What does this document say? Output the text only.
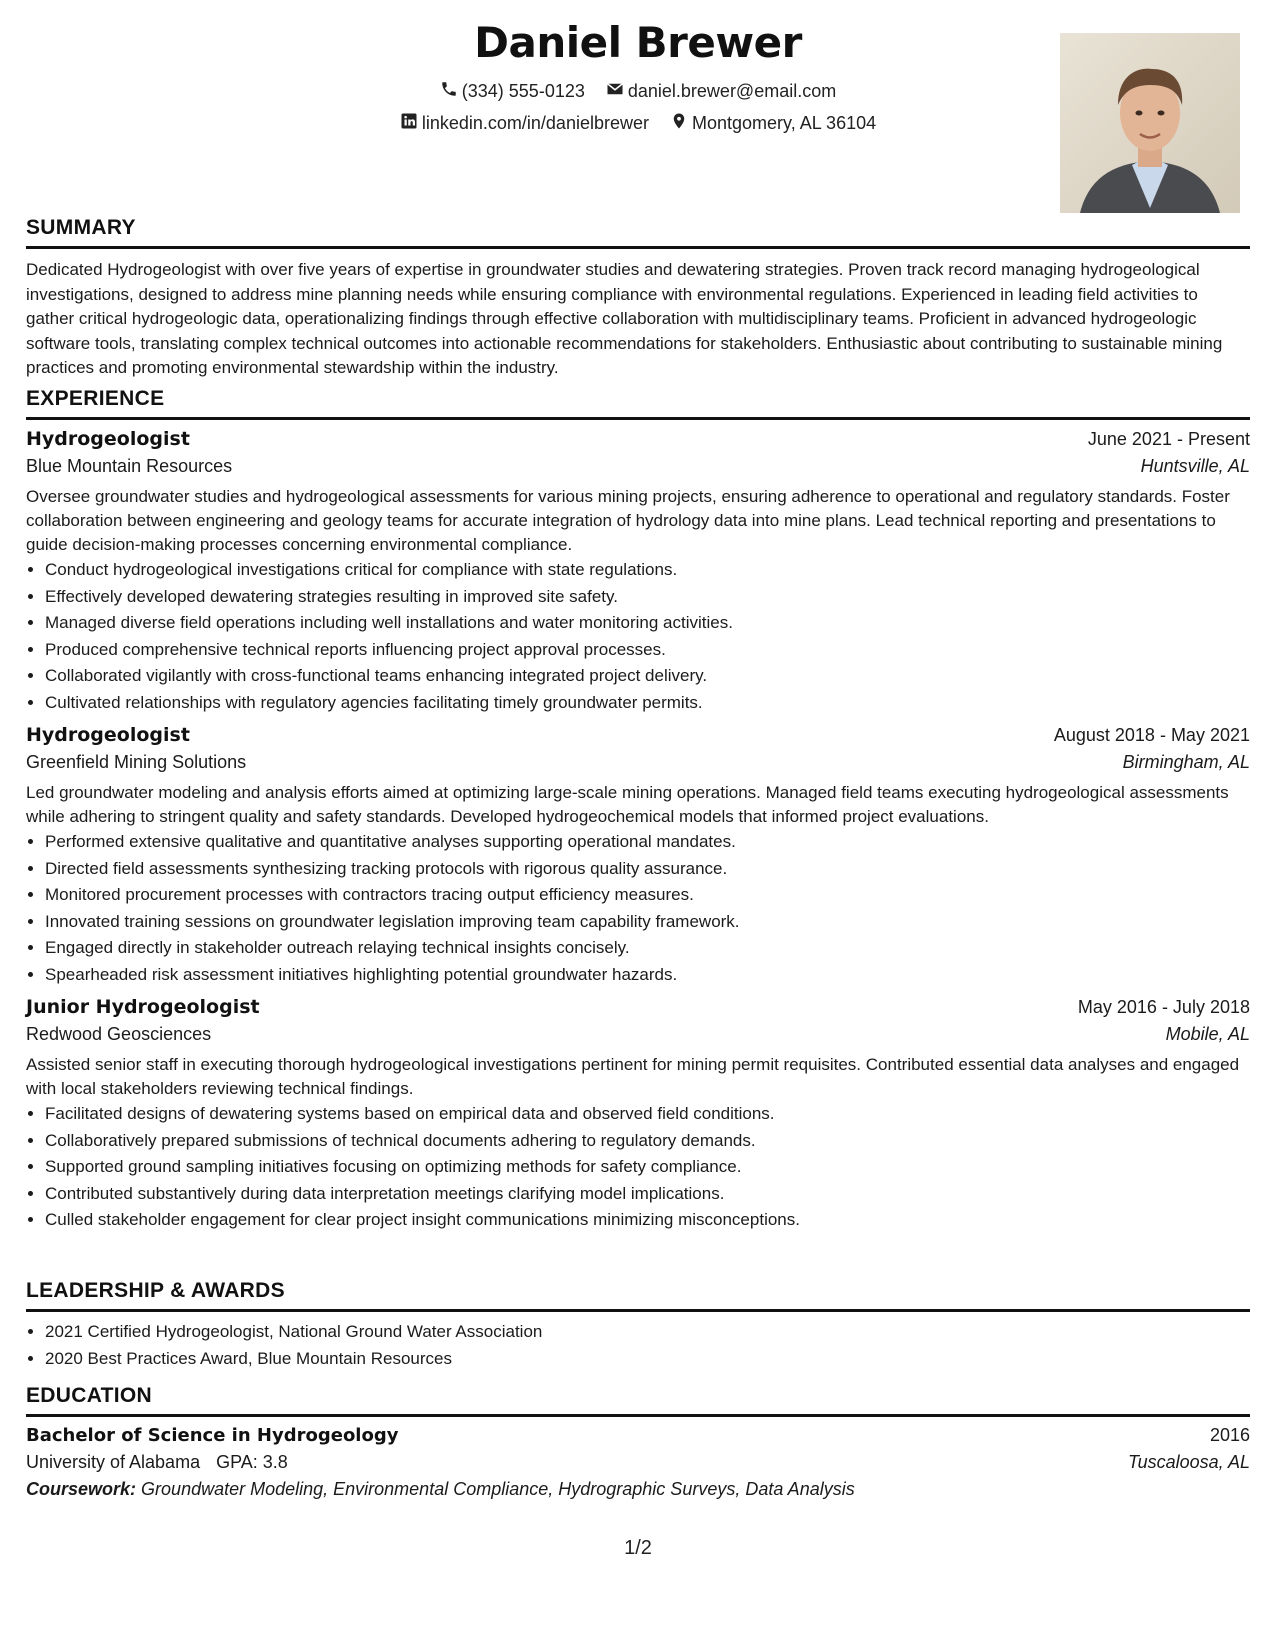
Daniel Brewer
(334) 555-0123
daniel.brewer@email.com
linkedin.com/in/danielbrewer
Montgomery, AL 36104
SUMMARY
Dedicated Hydrogeologist with over five years of expertise in groundwater studies and dewatering strategies. Proven track record managing hydrogeological investigations, designed to address mine planning needs while ensuring compliance with environmental regulations. Experienced in leading field activities to gather critical hydrogeologic data, operationalizing findings through effective collaboration with multidisciplinary teams. Proficient in advanced hydrogeologic software tools, translating complex technical outcomes into actionable recommendations for stakeholders. Enthusiastic about contributing to sustainable mining practices and promoting environmental stewardship within the industry.
EXPERIENCE
Hydrogeologist	June 2021 - Present
Blue Mountain Resources	Huntsville, AL
Oversee groundwater studies and hydrogeological assessments for various mining projects, ensuring adherence to operational and regulatory standards. Foster collaboration between engineering and geology teams for accurate integration of hydrology data into mine plans. Lead technical reporting and presentations to guide decision-making processes concerning environmental compliance.
• Conduct hydrogeological investigations critical for compliance with state regulations.
• Effectively developed dewatering strategies resulting in improved site safety.
• Managed diverse field operations including well installations and water monitoring activities.
• Produced comprehensive technical reports influencing project approval processes.
• Collaborated vigilantly with cross-functional teams enhancing integrated project delivery.
• Cultivated relationships with regulatory agencies facilitating timely groundwater permits.
Hydrogeologist	August 2018 - May 2021
Greenfield Mining Solutions	Birmingham, AL
Led groundwater modeling and analysis efforts aimed at optimizing large-scale mining operations. Managed field teams executing hydrogeological assessments while adhering to stringent quality and safety standards. Developed hydrogeochemical models that informed project evaluations.
• Performed extensive qualitative and quantitative analyses supporting operational mandates.
• Directed field assessments synthesizing tracking protocols with rigorous quality assurance.
• Monitored procurement processes with contractors tracing output efficiency measures.
• Innovated training sessions on groundwater legislation improving team capability framework.
• Engaged directly in stakeholder outreach relaying technical insights concisely.
• Spearheaded risk assessment initiatives highlighting potential groundwater hazards.
Junior Hydrogeologist	May 2016 - July 2018
Redwood Geosciences	Mobile, AL
Assisted senior staff in executing thorough hydrogeological investigations pertinent for mining permit requisites. Contributed essential data analyses and engaged with local stakeholders reviewing technical findings.
• Facilitated designs of dewatering systems based on empirical data and observed field conditions.
• Collaboratively prepared submissions of technical documents adhering to regulatory demands.
• Supported ground sampling initiatives focusing on optimizing methods for safety compliance.
• Contributed substantively during data interpretation meetings clarifying model implications.
• Culled stakeholder engagement for clear project insight communications minimizing misconceptions.
LEADERSHIP & AWARDS
• 2021 Certified Hydrogeologist, National Ground Water Association
• 2020 Best Practices Award, Blue Mountain Resources
EDUCATION
Bachelor of Science in Hydrogeology	2016
University of Alabama GPA: 3.8	Tuscaloosa, AL
Coursework: Groundwater Modeling, Environmental Compliance, Hydrographic Surveys, Data Analysis
1/2
